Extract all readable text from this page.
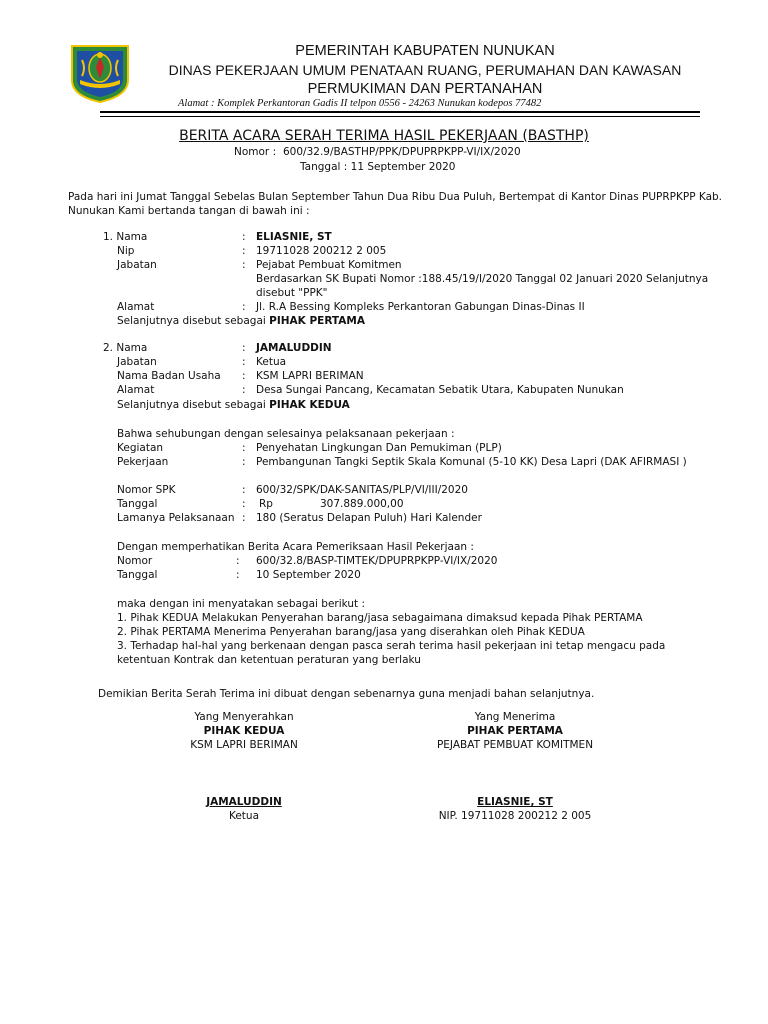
PEMERINTAH KABUPATEN NUNUKAN
DINAS PEKERJAAN UMUM PENATAAN RUANG, PERUMAHAN DAN KAWASAN
PERMUKIMAN DAN PERTANAHAN
Alamat : Komplek Perkantoran Gadis II telpon 0556 - 24263 Nunukan kodepos 77482
BERITA ACARA SERAH TERIMA HASIL PEKERJAAN (BASTHP)
Nomor : 600/32.9/BASTHP/PPK/DPUPRPKPP-VI/IX/2020
Tanggal : 11 September 2020
Pada hari ini Jumat Tanggal Sebelas Bulan September Tahun Dua Ribu Dua Puluh, Bertempat di Kantor Dinas PUPRPKPP Kab.
Nunukan Kami bertanda tangan di bawah ini :
1. Nama	: ELIASNIE, ST
Nip	: 19711028 200212 2 005
Jabatan	: Pejabat Pembuat Komitmen
Berdasarkan SK Bupati Nomor :188.45/19/I/2020 Tanggal 02 Januari 2020 Selanjutnya
disebut "PPK"
Alamat	: Jl. R.A Bessing Kompleks Perkantoran Gabungan Dinas-Dinas II
Selanjutnya disebut sebagai PIHAK PERTAMA
2. Nama	: JAMALUDDIN
Jabatan	: Ketua
Nama Badan Usaha : KSM LAPRI BERIMAN
Alamat	: Desa Sungai Pancang, Kecamatan Sebatik Utara, Kabupaten Nunukan
Selanjutnya disebut sebagai PIHAK KEDUA
Bahwa sehubungan dengan selesainya pelaksanaan pekerjaan :
Kegiatan	: Penyehatan Lingkungan Dan Pemukiman (PLP)
Pekerjaan	: Pembangunan Tangki Septik Skala Komunal (5-10 KK) Desa Lapri (DAK AFIRMASI )
Nomor SPK	: 600/32/SPK/DAK-SANITAS/PLP/VI/III/2020
Tanggal	: Rp	307.889.000,00
Lamanya Pelaksanaan : 180 (Seratus Delapan Puluh) Hari Kalender
Dengan memperhatikan Berita Acara Pemeriksaan Hasil Pekerjaan :
Nomor	: 600/32.8/BASP-TIMTEK/DPUPRPKPP-VI/IX/2020
Tanggal	: 10 September 2020
maka dengan ini menyatakan sebagai berikut :
1. Pihak KEDUA Melakukan Penyerahan barang/jasa sebagaimana dimaksud kepada Pihak PERTAMA
2. Pihak PERTAMA Menerima Penyerahan barang/jasa yang diserahkan oleh Pihak KEDUA
3. Terhadap hal-hal yang berkenaan dengan pasca serah terima hasil pekerjaan ini tetap mengacu pada
ketentuan Kontrak dan ketentuan peraturan yang berlaku
Demikian Berita Serah Terima ini dibuat dengan sebenarnya guna menjadi bahan selanjutnya.
Yang Menyerahkan
PIHAK KEDUA
KSM LAPRI BERIMAN
JAMALUDDIN
Ketua
Yang Menerima
PIHAK PERTAMA
PEJABAT PEMBUAT KOMITMEN
ELIASNIE, ST
NIP. 19711028 200212 2 005
